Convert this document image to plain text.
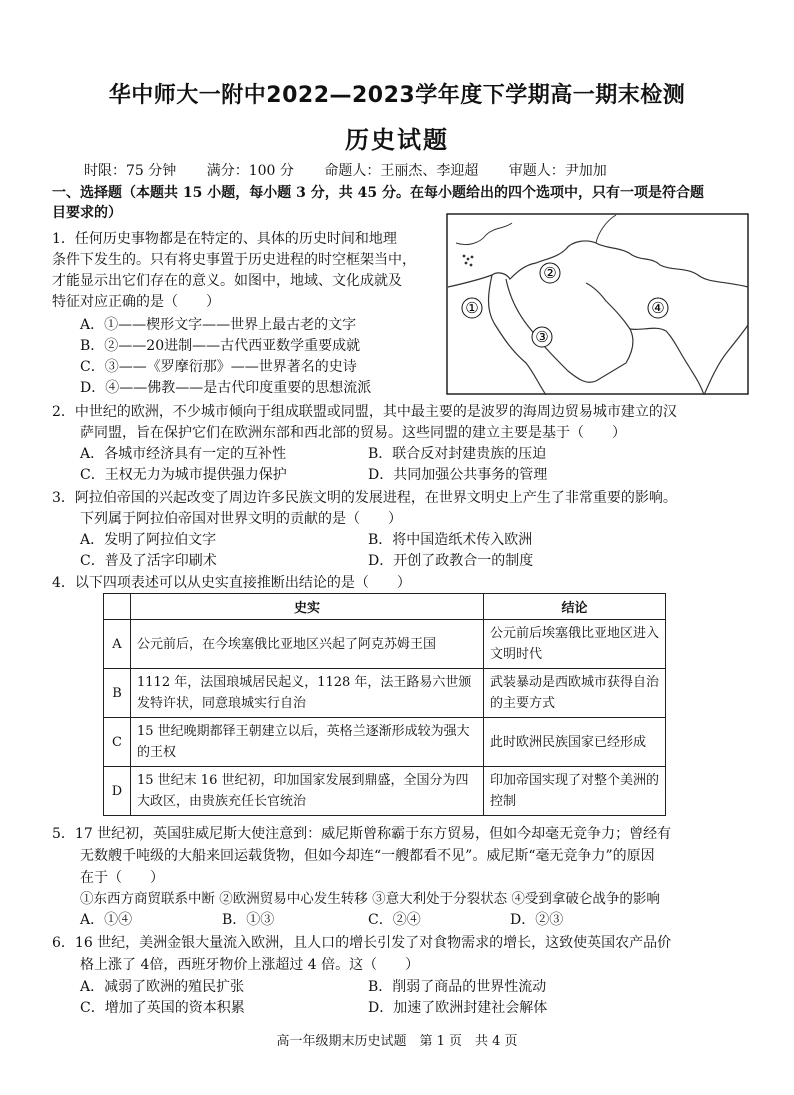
华中师大一附中2022—2023学年度下学期高一期末检测
历史试题
时限：75 分钟 满分：100 分 命题人：王丽杰、李迎超 审题人：尹加加
一、选择题（本题共 15 小题，每小题 3 分，共 45 分。在每小题给出的四个选项中，只有一项是符合题
目要求的）
1．任何历史事物都是在特定的、具体的历史时间和地理
条件下发生的。只有将史事置于历史进程的时空框架当中，
才能显示出它们存在的意义。如图中，地域、文化成就及
特征对应正确的是（　　）
A．①——楔形文字——世界上最古老的文字
B．②——20进制——古代西亚数学重要成就
C．③——《罗摩衍那》——世界著名的史诗
D．④——佛教——是古代印度重要的思想流派
①
②
③
④
2．中世纪的欧洲，不少城市倾向于组成联盟或同盟，其中最主要的是波罗的海周边贸易城市建立的汉
萨同盟，旨在保护它们在欧洲东部和西北部的贸易。这些同盟的建立主要是基于（　　）
A．各城市经济具有一定的互补性	B．联合反对封建贵族的压迫
C．王权无力为城市提供强力保护	D．共同加强公共事务的管理
3．阿拉伯帝国的兴起改变了周边许多民族文明的发展进程，在世界文明史上产生了非常重要的影响。
下列属于阿拉伯帝国对世界文明的贡献的是（　　）
A．发明了阿拉伯文字	B．将中国造纸术传入欧洲
C．普及了活字印刷术	D．开创了政教合一的制度
4．以下四项表述可以从史实直接推断出结论的是（　　）
	史实	结论
A	公元前后，在今埃塞俄比亚地区兴起了阿克苏姆王国	公元前后埃塞俄比亚地区进入文明时代
B	1112 年，法国琅城居民起义，1128 年，法王路易六世颁发特许状，同意琅城实行自治	武装暴动是西欧城市获得自治的主要方式
C	15 世纪晚期都铎王朝建立以后，英格兰逐渐形成较为强大的王权	此时欧洲民族国家已经形成
D	15 世纪末 16 世纪初，印加国家发展到鼎盛，全国分为四大政区，由贵族充任长官统治	印加帝国实现了对整个美洲的控制
5．17 世纪初，英国驻威尼斯大使注意到：威尼斯曾称霸于东方贸易，但如今却毫无竞争力；曾经有
无数艘千吨级的大船来回运载货物，但如今却连“一艘都看不见”。威尼斯“毫无竞争力”的原因
在于（　　）
①东西方商贸联系中断 ②欧洲贸易中心发生转移 ③意大利处于分裂状态 ④受到拿破仑战争的影响
A．①④	B．①③	C．②④	D．②③
6．16 世纪，美洲金银大量流入欧洲，且人口的增长引发了对食物需求的增长，这致使英国农产品价
格上涨了 4倍，西班牙物价上涨超过 4 倍。这（　　）
A．减弱了欧洲的殖民扩张	B．削弱了商品的世界性流动
C．增加了英国的资本积累	D．加速了欧洲封建社会解体
高一年级期末历史试题　第 1 页　共 4 页
